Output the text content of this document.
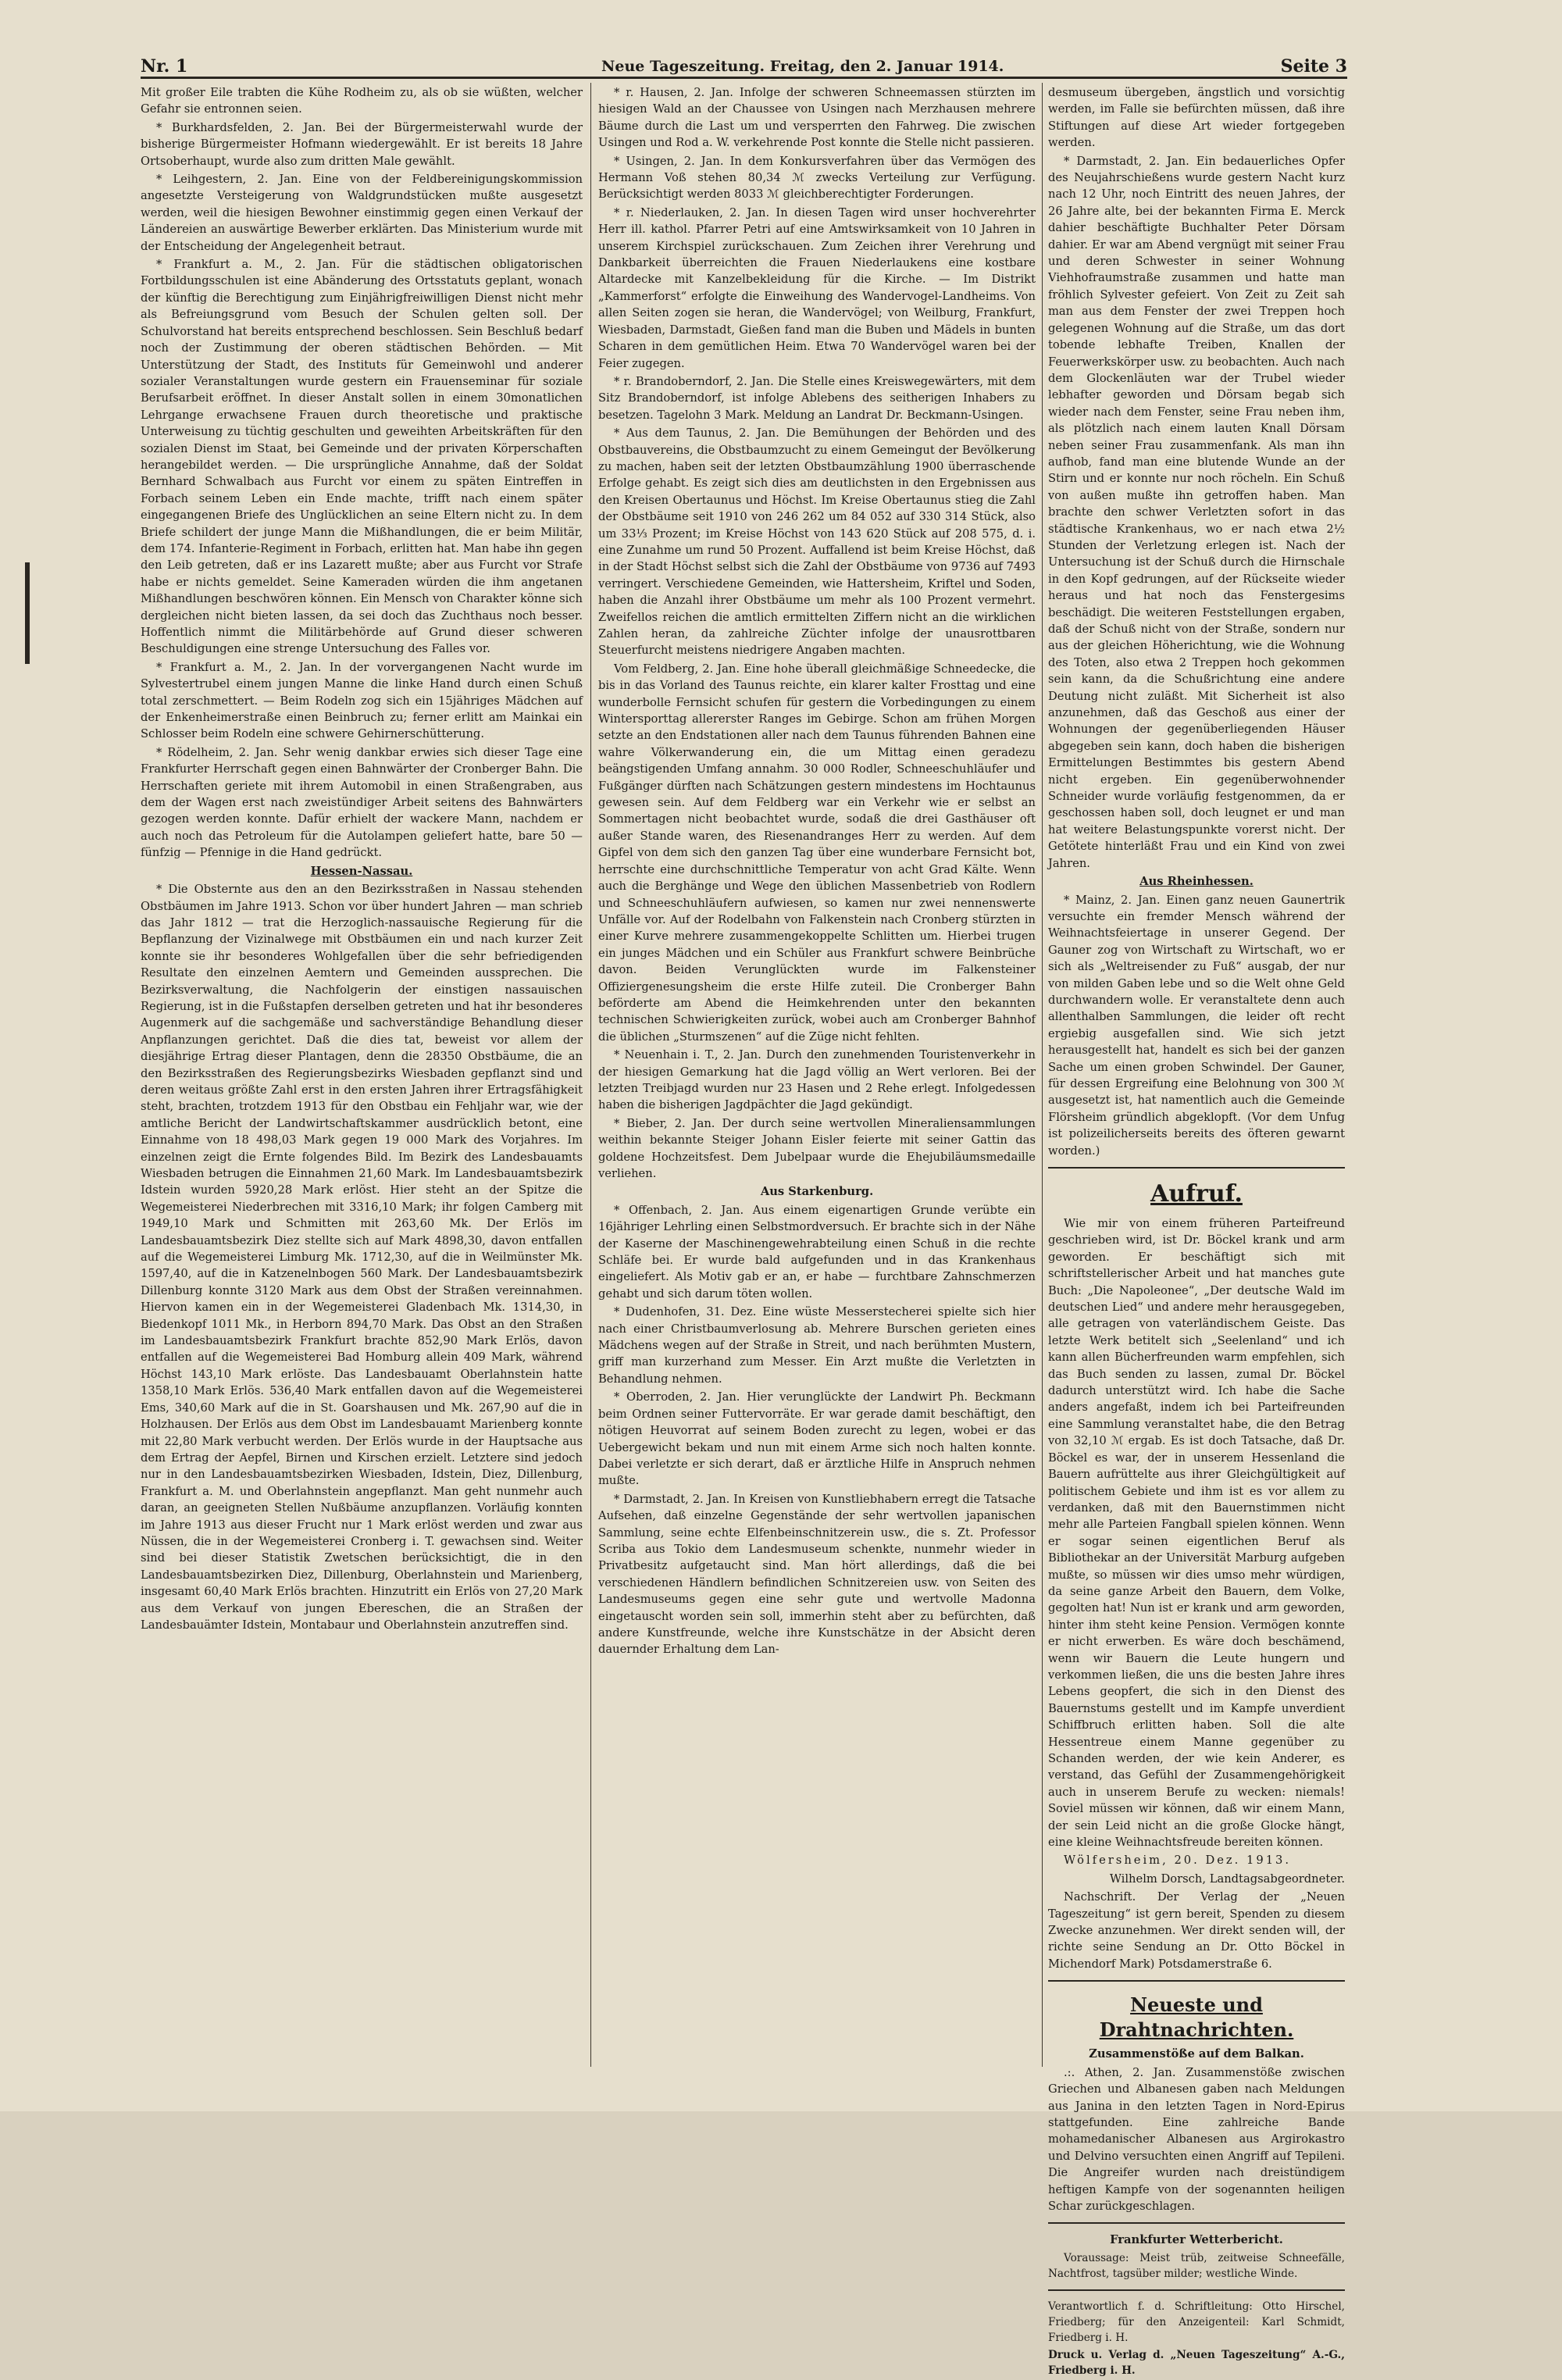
Nr. 1	Neue Tageszeitung. Freitag, den 2. Januar 1914.	Seite 3

Mit großer Eile trabten die Kühe Rodheim zu, als ob sie wüßten, welcher Gefahr sie entronnen seien.

* Burkhardsfelden, 2. Jan. Bei der Bürgermeisterwahl wurde der bisherige Bürgermeister Hofmann wiedergewählt. Er ist bereits 18 Jahre Ortsoberhaupt, wurde also zum dritten Male gewählt.

* Leihgestern, 2. Jan. Eine von der Feldbereinigungskommission angesetzte Versteigerung von Waldgrundstücken mußte ausgesetzt werden, weil die hiesigen Bewohner einstimmig gegen einen Verkauf der Ländereien an auswärtige Bewerber erklärten. Das Ministerium wurde mit der Entscheidung der Angelegenheit betraut.

* Frankfurt a. M., 2. Jan. Für die städtischen obligatorischen Fortbildungsschulen ist eine Abänderung des Ortsstatuts geplant, wonach der künftig die Berechtigung zum Einjährigfreiwilligen Dienst nicht mehr als Befreiungsgrund vom Besuch der Schulen gelten soll. Der Schulvorstand hat bereits entsprechend beschlossen. Sein Beschluß bedarf noch der Zustimmung der oberen städtischen Behörden. — Mit Unterstützung der Stadt, des Instituts für Gemeinwohl und anderer sozialer Veranstaltungen wurde gestern ein Frauenseminar für soziale Berufsarbeit eröffnet. In dieser Anstalt sollen in einem 30monatlichen Lehrgange erwachsene Frauen durch theoretische und praktische Unterweisung zu tüchtig geschulten und geweihten Arbeitskräften für den sozialen Dienst im Staat, bei Gemeinde und der privaten Körperschaften herangebildet werden. — Die ursprüngliche Annahme, daß der Soldat Bernhard Schwalbach aus Furcht vor einem zu späten Eintreffen in Forbach seinem Leben ein Ende machte, trifft nach einem später eingegangenen Briefe des Unglücklichen an seine Eltern nicht zu. In dem Briefe schildert der junge Mann die Mißhandlungen, die er beim Militär, dem 174. Infanterie-Regiment in Forbach, erlitten hat. Man habe ihn gegen den Leib getreten, daß er ins Lazarett mußte; aber aus Furcht vor Strafe habe er nichts gemeldet. Seine Kameraden würden die ihm angetanen Mißhandlungen beschwören können. Ein Mensch von Charakter könne sich dergleichen nicht bieten lassen, da sei doch das Zuchthaus noch besser. Hoffentlich nimmt die Militärbehörde auf Grund dieser schweren Beschuldigungen eine strenge Untersuchung des Falles vor.

* Frankfurt a. M., 2. Jan. In der vorvergangenen Nacht wurde im Sylvestertrubel einem jungen Manne die linke Hand durch einen Schuß total zerschmettert. — Beim Rodeln zog sich ein 15jähriges Mädchen auf der Enkenheimerstraße einen Beinbruch zu; ferner erlitt am Mainkai ein Schlosser beim Rodeln eine schwere Gehirnerschütterung.

* Rödelheim, 2. Jan. Sehr wenig dankbar erwies sich dieser Tage eine Frankfurter Herrschaft gegen einen Bahnwärter der Cronberger Bahn. Die Herrschaften geriete mit ihrem Automobil in einen Straßengraben, aus dem der Wagen erst nach zweistündiger Arbeit seitens des Bahnwärters gezogen werden konnte. Dafür erhielt der wackere Mann, nachdem er auch noch das Petroleum für die Autolampen geliefert hatte, bare 50 — fünfzig — Pfennige in die Hand gedrückt.

Hessen-Nassau.

* Die Obsternte aus den an den Bezirksstraßen in Nassau stehenden Obstbäumen im Jahre 1913. Schon vor über hundert Jahren — man schrieb das Jahr 1812 — trat die Herzoglich-nassauische Regierung für die Bepflanzung der Vizinalwege mit Obstbäumen ein und nach kurzer Zeit konnte sie ihr besonderes Wohlgefallen über die sehr befriedigenden Resultate den einzelnen Aemtern und Gemeinden aussprechen. Die Bezirksverwaltung, die Nachfolgerin der einstigen nassauischen Regierung, ist in die Fußstapfen derselben getreten und hat ihr besonderes Augenmerk auf die sachgemäße und sachverständige Behandlung dieser Anpflanzungen gerichtet. Daß die dies tat, beweist vor allem der diesjährige Ertrag dieser Plantagen, denn die 28350 Obstbäume, die an den Bezirksstraßen des Regierungsbezirks Wiesbaden gepflanzt sind und deren weitaus größte Zahl erst in den ersten Jahren ihrer Ertragsfähigkeit steht, brachten, trotzdem 1913 für den Obstbau ein Fehljahr war, wie der amtliche Bericht der Landwirtschaftskammer ausdrücklich betont, eine Einnahme von 18 498,03 Mark gegen 19 000 Mark des Vorjahres. Im einzelnen zeigt die Ernte folgendes Bild. Im Bezirk des Landesbauamts Wiesbaden betrugen die Einnahmen 21,60 Mark. Im Landesbauamtsbezirk Idstein wurden 5920,28 Mark erlöst. Hier steht an der Spitze die Wegemeisterei Niederbrechen mit 3316,10 Mark; ihr folgen Camberg mit 1949,10 Mark und Schmitten mit 263,60 Mk. Der Erlös im Landesbauamtsbezirk Diez stellte sich auf Mark 4898,30, davon entfallen auf die Wegemeisterei Limburg Mk. 1712,30, auf die in Weilmünster Mk. 1597,40, auf die in Katzenelnbogen 560 Mark. Der Landesbauamtsbezirk Dillenburg konnte 3120 Mark aus dem Obst der Straßen vereinnahmen. Hiervon kamen ein in der Wegemeisterei Gladenbach Mk. 1314,30, in Biedenkopf 1011 Mk., in Herborn 894,70 Mark. Das Obst an den Straßen im Landesbauamtsbezirk Frankfurt brachte 852,90 Mark Erlös, davon entfallen auf die Wegemeisterei Bad Homburg allein 409 Mark, während Höchst 143,10 Mark erlöste. Das Landesbauamt Oberlahnstein hatte 1358,10 Mark Erlös. 536,40 Mark entfallen davon auf die Wegemeisterei Ems, 340,60 Mark auf die in St. Goarshausen und Mk. 267,90 auf die in Holzhausen. Der Erlös aus dem Obst im Landesbauamt Marienberg konnte mit 22,80 Mark verbucht werden. Der Erlös wurde in der Hauptsache aus dem Ertrag der Aepfel, Birnen und Kirschen erzielt. Letztere sind jedoch nur in den Landesbauamtsbezirken Wiesbaden, Idstein, Diez, Dillenburg, Frankfurt a. M. und Oberlahnstein angepflanzt. Man geht nunmehr auch daran, an geeigneten Stellen Nußbäume anzupflanzen. Vorläufig konnten im Jahre 1913 aus dieser Frucht nur 1 Mark erlöst werden und zwar aus Nüssen, die in der Wegemeisterei Cronberg i. T. gewachsen sind. Weiter sind bei dieser Statistik Zwetschen berücksichtigt, die in den Landesbauamtsbezirken Diez, Dillenburg, Oberlahnstein und Marienberg, insgesamt 60,40 Mark Erlös brachten. Hinzutritt ein Erlös von 27,20 Mark aus dem Verkauf von jungen Ebereschen, die an Straßen der Landesbauämter Idstein, Montabaur und Oberlahnstein anzutreffen sind.

* r. Hausen, 2. Jan. Infolge der schweren Schneemassen stürzten im hiesigen Wald an der Chaussee von Usingen nach Merzhausen mehrere Bäume durch die Last um und versperrten den Fahrweg. Die zwischen Usingen und Rod a. W. verkehrende Post konnte die Stelle nicht passieren.

* Usingen, 2. Jan. In dem Konkursverfahren über das Vermögen des Hermann Voß stehen 80,34 ℳ zwecks Verteilung zur Verfügung. Berücksichtigt werden 8033 ℳ gleichberechtigter Forderungen.

* r. Niederlauken, 2. Jan. In diesen Tagen wird unser hochverehrter Herr ill. kathol. Pfarrer Petri auf eine Amtswirksamkeit von 10 Jahren in unserem Kirchspiel zurückschauen. Zum Zeichen ihrer Verehrung und Dankbarkeit überreichten die Frauen Niederlaukens eine kostbare Altardecke mit Kanzelbekleidung für die Kirche. — Im Distrikt „Kammerforst“ erfolgte die Einweihung des Wandervogel-Landheims. Von allen Seiten zogen sie heran, die Wandervögel; von Weilburg, Frankfurt, Wiesbaden, Darmstadt, Gießen fand man die Buben und Mädels in bunten Scharen in dem gemütlichen Heim. Etwa 70 Wandervögel waren bei der Feier zugegen.

* r. Brandoberndorf, 2. Jan. Die Stelle eines Kreiswegewärters, mit dem Sitz Brandoberndorf, ist infolge Ablebens des seitherigen Inhabers zu besetzen. Tagelohn 3 Mark. Meldung an Landrat Dr. Beckmann-Usingen.

* Aus dem Taunus, 2. Jan. Die Bemühungen der Behörden und des Obstbauvereins, die Obstbaumzucht zu einem Gemeingut der Bevölkerung zu machen, haben seit der letzten Obstbaumzählung 1900 überraschende Erfolge gehabt. Es zeigt sich dies am deutlichsten in den Ergebnissen aus den Kreisen Obertaunus und Höchst. Im Kreise Obertaunus stieg die Zahl der Obstbäume seit 1910 von 246 262 um 84 052 auf 330 314 Stück, also um 33⅓ Prozent; im Kreise Höchst von 143 620 Stück auf 208 575, d. i. eine Zunahme um rund 50 Prozent. Auffallend ist beim Kreise Höchst, daß in der Stadt Höchst selbst sich die Zahl der Obstbäume von 9736 auf 7493 verringert. Verschiedene Gemeinden, wie Hattersheim, Kriftel und Soden, haben die Anzahl ihrer Obstbäume um mehr als 100 Prozent vermehrt. Zweifellos reichen die amtlich ermittelten Ziffern nicht an die wirklichen Zahlen heran, da zahlreiche Züchter infolge der unausrottbaren Steuerfurcht meistens niedrigere Angaben machten.

Vom Feldberg, 2. Jan. Eine hohe überall gleichmäßige Schneedecke, die bis in das Vorland des Taunus reichte, ein klarer kalter Frosttag und eine wunderbolle Fernsicht schufen für gestern die Vorbedingungen zu einem Wintersporttag allererster Ranges im Gebirge. Schon am frühen Morgen setzte an den Endstationen aller nach dem Taunus führenden Bahnen eine wahre Völkerwanderung ein, die um Mittag einen geradezu beängstigenden Umfang annahm. 30 000 Rodler, Schneeschuhläufer und Fußgänger dürften nach Schätzungen gestern mindestens im Hochtaunus gewesen sein. Auf dem Feldberg war ein Verkehr wie er selbst an Sommertagen nicht beobachtet wurde, sodaß die drei Gasthäuser oft außer Stande waren, des Riesenandranges Herr zu werden. Auf dem Gipfel von dem sich den ganzen Tag über eine wunderbare Fernsicht bot, herrschte eine durchschnittliche Temperatur von acht Grad Kälte. Wenn auch die Berghänge und Wege den üblichen Massenbetrieb von Rodlern und Schneeschuhläufern aufwiesen, so kamen nur zwei nennenswerte Unfälle vor. Auf der Rodelbahn von Falkenstein nach Cronberg stürzten in einer Kurve mehrere zusammengekoppelte Schlitten um. Hierbei trugen ein junges Mädchen und ein Schüler aus Frankfurt schwere Beinbrüche davon. Beiden Verunglückten wurde im Falkensteiner Offiziergenesungsheim die erste Hilfe zuteil. Die Cronberger Bahn beförderte am Abend die Heimkehrenden unter den bekannten technischen Schwierigkeiten zurück, wobei auch am Cronberger Bahnhof die üblichen „Sturmszenen“ auf die Züge nicht fehlten.

* Neuenhain i. T., 2. Jan. Durch den zunehmenden Touristenverkehr in der hiesigen Gemarkung hat die Jagd völlig an Wert verloren. Bei der letzten Treibjagd wurden nur 23 Hasen und 2 Rehe erlegt. Infolgedessen haben die bisherigen Jagdpächter die Jagd gekündigt.

* Bieber, 2. Jan. Der durch seine wertvollen Mineraliensammlungen weithin bekannte Steiger Johann Eisler feierte mit seiner Gattin das goldene Hochzeitsfest. Dem Jubelpaar wurde die Ehejubiläumsmedaille verliehen.

Aus Starkenburg.

* Offenbach, 2. Jan. Aus einem eigenartigen Grunde verübte ein 16jähriger Lehrling einen Selbstmordversuch. Er brachte sich in der Nähe der Kaserne der Maschinengewehrabteilung einen Schuß in die rechte Schläfe bei. Er wurde bald aufgefunden und in das Krankenhaus eingeliefert. Als Motiv gab er an, er habe — furchtbare Zahnschmerzen gehabt und sich darum töten wollen.

* Dudenhofen, 31. Dez. Eine wüste Messerstecherei spielte sich hier nach einer Christbaumverlosung ab. Mehrere Burschen gerieten eines Mädchens wegen auf der Straße in Streit, und nach berühmten Mustern, griff man kurzerhand zum Messer. Ein Arzt mußte die Verletzten in Behandlung nehmen.

* Oberroden, 2. Jan. Hier verunglückte der Landwirt Ph. Beckmann beim Ordnen seiner Futtervorräte. Er war gerade damit beschäftigt, den nötigen Heuvorrat auf seinem Boden zurecht zu legen, wobei er das Uebergewicht bekam und nun mit einem Arme sich noch halten konnte. Dabei verletzte er sich derart, daß er ärztliche Hilfe in Anspruch nehmen mußte.

* Darmstadt, 2. Jan. In Kreisen von Kunstliebhabern erregt die Tatsache Aufsehen, daß einzelne Gegenstände der sehr wertvollen japanischen Sammlung, seine echte Elfenbeinschnitzerein usw., die s. Zt. Professor Scriba aus Tokio dem Landesmuseum schenkte, nunmehr wieder in Privatbesitz aufgetaucht sind. Man hört allerdings, daß die bei verschiedenen Händlern befindlichen Schnitzereien usw. von Seiten des Landesmuseums gegen eine sehr gute und wertvolle Madonna eingetauscht worden sein soll, immerhin steht aber zu befürchten, daß andere Kunstfreunde, welche ihre Kunstschätze in der Absicht deren dauernder Erhaltung dem Lan-

desmuseum übergeben, ängstlich und vorsichtig werden, im Falle sie befürchten müssen, daß ihre Stiftungen auf diese Art wieder fortgegeben werden.

* Darmstadt, 2. Jan. Ein bedauerliches Opfer des Neujahrschießens wurde gestern Nacht kurz nach 12 Uhr, noch Eintritt des neuen Jahres, der 26 Jahre alte, bei der bekannten Firma E. Merck dahier beschäftigte Buchhalter Peter Dörsam dahier. Er war am Abend vergnügt mit seiner Frau und deren Schwester in seiner Wohnung Viehhofraumstraße zusammen und hatte man fröhlich Sylvester gefeiert. Von Zeit zu Zeit sah man aus dem Fenster der zwei Treppen hoch gelegenen Wohnung auf die Straße, um das dort tobende lebhafte Treiben, Knallen der Feuerwerkskörper usw. zu beobachten. Auch nach dem Glockenläuten war der Trubel wieder lebhafter geworden und Dörsam begab sich wieder nach dem Fenster, seine Frau neben ihm, als plötzlich nach einem lauten Knall Dörsam neben seiner Frau zusammenfank. Als man ihn aufhob, fand man eine blutende Wunde an der Stirn und er konnte nur noch röcheln. Ein Schuß von außen mußte ihn getroffen haben. Man brachte den schwer Verletzten sofort in das städtische Krankenhaus, wo er nach etwa 2½ Stunden der Verletzung erlegen ist. Nach der Untersuchung ist der Schuß durch die Hirnschale in den Kopf gedrungen, auf der Rückseite wieder heraus und hat noch das Fenstergesims beschädigt. Die weiteren Feststellungen ergaben, daß der Schuß nicht von der Straße, sondern nur aus der gleichen Höherichtung, wie die Wohnung des Toten, also etwa 2 Treppen hoch gekommen sein kann, da die Schußrichtung eine andere Deutung nicht zuläßt. Mit Sicherheit ist also anzunehmen, daß das Geschoß aus einer der Wohnungen der gegenüberliegenden Häuser abgegeben sein kann, doch haben die bisherigen Ermittelungen Bestimmtes bis gestern Abend nicht ergeben. Ein gegenüberwohnender Schneider wurde vorläufig festgenommen, da er geschossen haben soll, doch leugnet er und man hat weitere Belastungspunkte vorerst nicht. Der Getötete hinterläßt Frau und ein Kind von zwei Jahren.

Aus Rheinhessen.

* Mainz, 2. Jan. Einen ganz neuen Gaunertrik versuchte ein fremder Mensch während der Weihnachtsfeiertage in unserer Gegend. Der Gauner zog von Wirtschaft zu Wirtschaft, wo er sich als „Weltreisender zu Fuß“ ausgab, der nur von milden Gaben lebe und so die Welt ohne Geld durchwandern wolle. Er veranstaltete denn auch allenthalben Sammlungen, die leider oft recht ergiebig ausgefallen sind. Wie sich jetzt herausgestellt hat, handelt es sich bei der ganzen Sache um einen groben Schwindel. Der Gauner, für dessen Ergreifung eine Belohnung von 300 ℳ ausgesetzt ist, hat namentlich auch die Gemeinde Flörsheim gründlich abgeklopft. (Vor dem Unfug ist polizeilicherseits bereits des öfteren gewarnt worden.)

Aufruf.

Wie mir von einem früheren Parteifreund geschrieben wird, ist Dr. Böckel krank und arm geworden. Er beschäftigt sich mit schriftstellerischer Arbeit und hat manches gute Buch: „Die Napoleonee“, „Der deutsche Wald im deutschen Lied“ und andere mehr herausgegeben, alle getragen von vaterländischem Geiste. Das letzte Werk betitelt sich „Seelenland“ und ich kann allen Bücherfreunden warm empfehlen, sich das Buch senden zu lassen, zumal Dr. Böckel dadurch unterstützt wird. Ich habe die Sache anders angefaßt, indem ich bei Parteifreunden eine Sammlung veranstaltet habe, die den Betrag von 32,10 ℳ ergab. Es ist doch Tatsache, daß Dr. Böckel es war, der in unserem Hessenland die Bauern aufrüttelte aus ihrer Gleichgültigkeit auf politischem Gebiete und ihm ist es vor allem zu verdanken, daß mit den Bauernstimmen nicht mehr alle Parteien Fangball spielen können. Wenn er sogar seinen eigentlichen Beruf als Bibliothekar an der Universität Marburg aufgeben mußte, so müssen wir dies umso mehr würdigen, da seine ganze Arbeit den Bauern, dem Volke, gegolten hat! Nun ist er krank und arm geworden, hinter ihm steht keine Pension. Vermögen konnte er nicht erwerben. Es wäre doch beschämend, wenn wir Bauern die Leute hungern und verkommen ließen, die uns die besten Jahre ihres Lebens geopfert, die sich in den Dienst des Bauernstums gestellt und im Kampfe unverdient Schiffbruch erlitten haben. Soll die alte Hessentreue einem Manne gegenüber zu Schanden werden, der wie kein Anderer, es verstand, das Gefühl der Zusammengehörigkeit auch in unserem Berufe zu wecken: niemals! Soviel müssen wir können, daß wir einem Mann, der sein Leid nicht an die große Glocke hängt, eine kleine Weihnachtsfreude bereiten können.

Wölfersheim, 20. Dez. 1913.

Wilhelm Dorsch, Landtagsabgeordneter.

Nachschrift. Der Verlag der „Neuen Tageszeitung“ ist gern bereit, Spenden zu diesem Zwecke anzunehmen. Wer direkt senden will, der richte seine Sendung an Dr. Otto Böckel in Michendorf Mark) Potsdamerstraße 6.

Neueste und Drahtnachrichten.

Zusammenstöße auf dem Balkan.

.:. Athen, 2. Jan. Zusammenstöße zwischen Griechen und Albanesen gaben nach Meldungen aus Janina in den letzten Tagen in Nord-Epirus stattgefunden. Eine zahlreiche Bande mohamedanischer Albanesen aus Argirokastro und Delvino versuchten einen Angriff auf Tepileni. Die Angreifer wurden nach dreistündigem heftigen Kampfe von der sogenannten heiligen Schar zurückgeschlagen.

Frankfurter Wetterbericht.

Voraussage: Meist trüb, zeitweise Schneefälle, Nachtfrost, tagsüber milder; westliche Winde.

Verantwortlich f. d. Schriftleitung: Otto Hirschel, Friedberg; für den Anzeigenteil: Karl Schmidt, Friedberg i. H.

Druck u. Verlag d. „Neuen Tageszeitung“ A.-G., Friedberg i. H.
